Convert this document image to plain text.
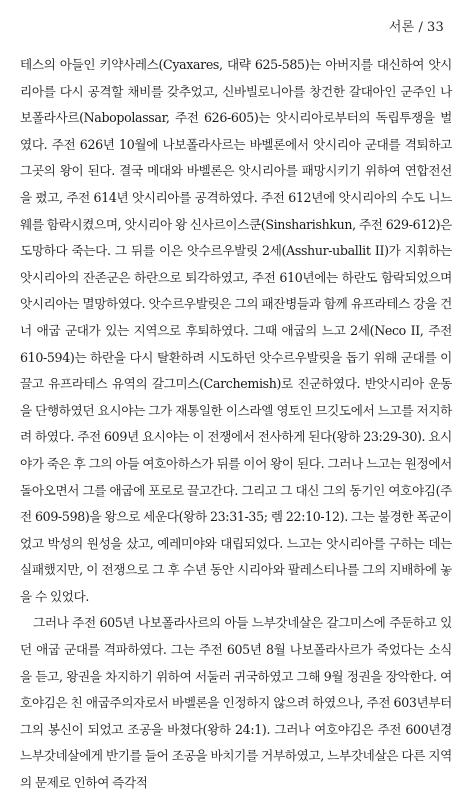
서론 / 33

테스의 아들인 키약사레스(Cyaxares, 대략 625-585)는 아버지를 대신하여 앗시리아를 다시 공격할 채비를 갖추었고, 신바빌로니아를 창건한 갈대아인 군주인 나보폴라사르(Nabopolassar, 주전 626-605)는 앗시리아로부터의 독립투쟁을 벌였다. 주전 626년 10월에 나보폴라사르는 바벨론에서 앗시리아 군대를 격퇴하고 그곳의 왕이 된다. 결국 메대와 바벨론은 앗시리아를 패망시키기 위하여 연합전선을 폈고, 주전 614년 앗시리아를 공격하였다. 주전 612년에 앗시리아의 수도 니느웨를 함락시켰으며, 앗시리아 왕 신사르이스쿤(Sinsharishkun, 주전 629-612)은 도망하다 죽는다. 그 뒤를 이은 앗수르우발릿 2세(Asshur-uballit II)가 지휘하는 앗시리아의 잔존군은 하란으로 퇴각하였고, 주전 610년에는 하란도 함락되었으며 앗시리아는 멸망하였다. 앗수르우발릿은 그의 패잔병들과 함께 유프라테스 강을 건너 애굽 군대가 있는 지역으로 후퇴하였다. 그때 애굽의 느고 2세(Neco II, 주전 610-594)는 하란을 다시 탈환하려 시도하던 앗수르우발릿을 돕기 위해 군대를 이끌고 유프라테스 유역의 갈그미스(Carchemish)로 진군하였다. 반앗시리아 운동을 단행하였던 요시야는 그가 재통일한 이스라엘 영토인 므깃도에서 느고를 저지하려 하였다. 주전 609년 요시야는 이 전쟁에서 전사하게 된다(왕하 23:29-30). 요시야가 죽은 후 그의 아들 여호아하스가 뒤를 이어 왕이 된다. 그러나 느고는 원정에서 돌아오면서 그를 애굽에 포로로 끌고간다. 그리고 그 대신 그의 동기인 여호야김(주전 609-598)을 왕으로 세운다(왕하 23:31-35; 렘 22:10-12). 그는 불경한 폭군이었고 박성의 원성을 샀고, 예레미야와 대립되었다. 느고는 앗시리아를 구하는 데는 실패했지만, 이 전쟁으로 그 후 수년 동안 시리아와 팔레스티나를 그의 지배하에 놓을 수 있었다.

그러나 주전 605년 나보폴라사르의 아들 느부갓네살은 갈그미스에 주둔하고 있던 애굽 군대를 격파하였다. 그는 주전 605년 8월 나보폴라사르가 죽었다는 소식을 듣고, 왕권을 차지하기 위하여 서둘러 귀국하였고 그해 9월 정권을 장악한다. 여호야김은 친 애굽주의자로서 바벨론을 인정하지 않으려 하였으나, 주전 603년부터 그의 봉신이 되었고 조공을 바쳤다(왕하 24:1). 그러나 여호야김은 주전 600년경 느부갓네살에게 반기를 들어 조공을 바치기를 거부하였고, 느부갓네살은 다른 지역의 문제로 인하여 즉각적
